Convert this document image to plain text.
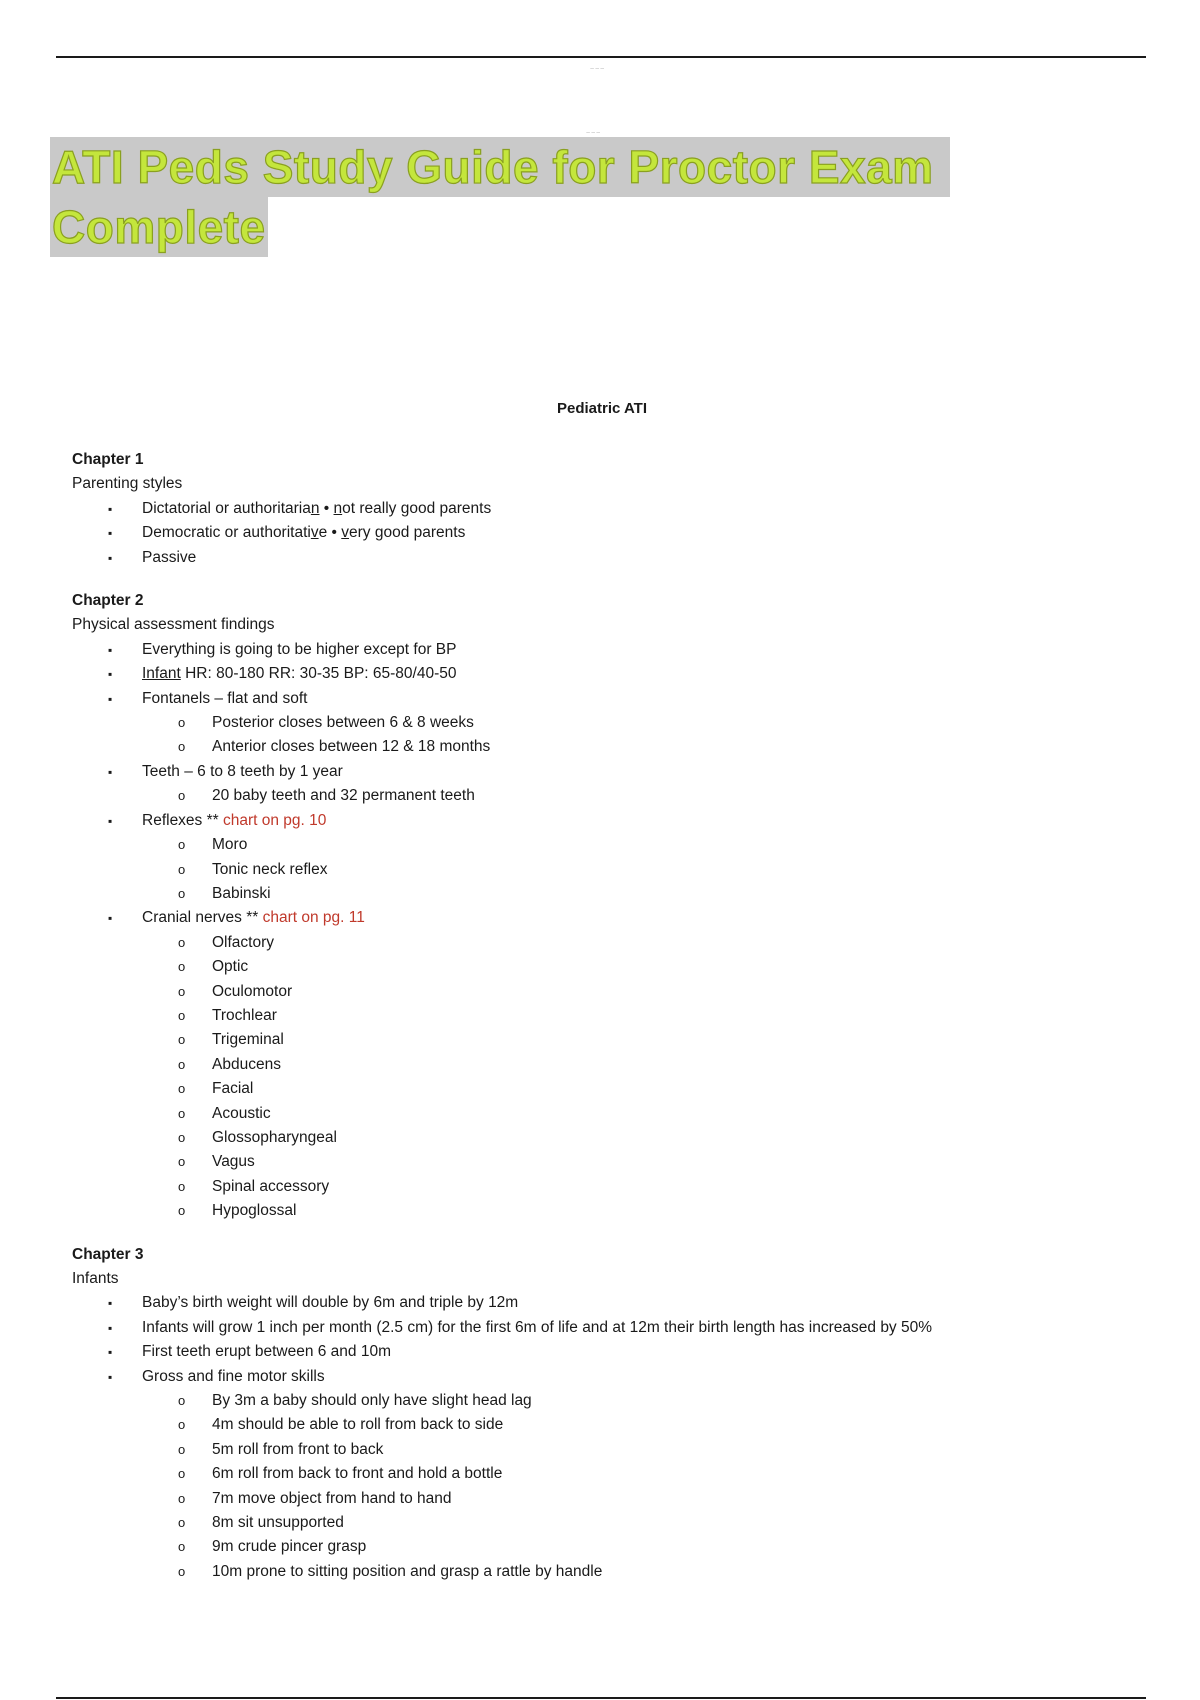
~~~
~~~
ATI Peds Study Guide for Proctor Exam
Complete
Pediatric ATI
Chapter 1
Parenting styles
▪ Dictatorial or authoritarian • not really good parents
▪ Democratic or authoritative • very good parents
▪ Passive
Chapter 2
Physical assessment findings
▪ Everything is going to be higher except for BP
▪ Infant HR: 80-180 RR: 30-35 BP: 65-80/40-50
▪ Fontanels – flat and soft
o Posterior closes between 6 & 8 weeks
o Anterior closes between 12 & 18 months
▪ Teeth – 6 to 8 teeth by 1 year
o 20 baby teeth and 32 permanent teeth
▪ Reflexes ** chart on pg. 10
o Moro
o Tonic neck reflex
o Babinski
▪ Cranial nerves ** chart on pg. 11
o Olfactory
o Optic
o Oculomotor
o Trochlear
o Trigeminal
o Abducens
o Facial
o Acoustic
o Glossopharyngeal
o Vagus
o Spinal accessory
o Hypoglossal
Chapter 3
Infants
▪ Baby’s birth weight will double by 6m and triple by 12m
▪ Infants will grow 1 inch per month (2.5 cm) for the first 6m of life and at 12m their birth length has increased by 50%
▪ First teeth erupt between 6 and 10m
▪ Gross and fine motor skills
o By 3m a baby should only have slight head lag
o 4m should be able to roll from back to side
o 5m roll from front to back
o 6m roll from back to front and hold a bottle
o 7m move object from hand to hand
o 8m sit unsupported
o 9m crude pincer grasp
o 10m prone to sitting position and grasp a rattle by handle
